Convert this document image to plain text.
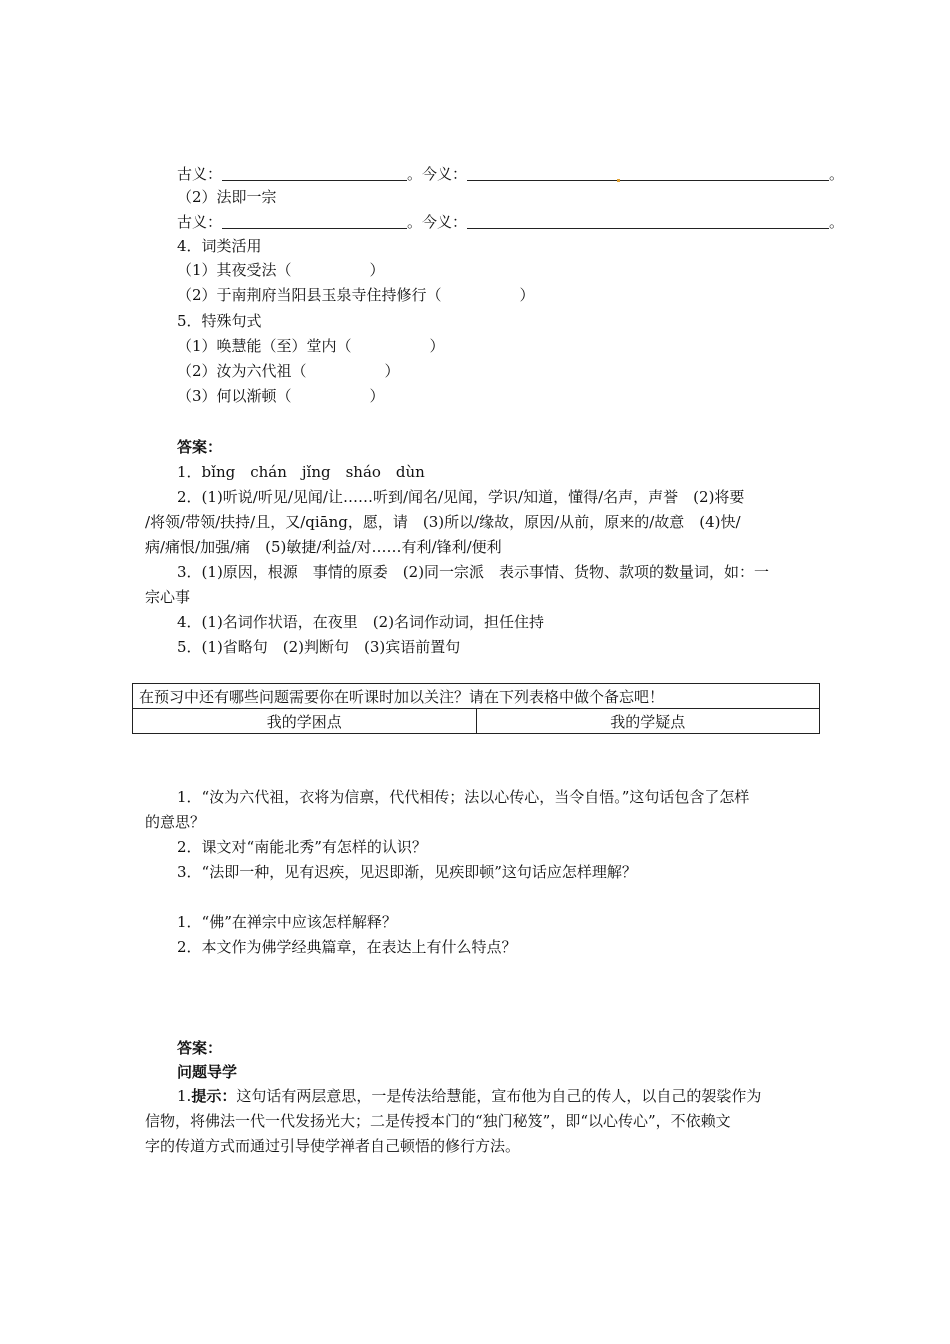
古义：	。今义：	。
（2）法即一宗
古义：	。今义：	。
4．词类活用
（1）其夜受法（	）
（2）于南荆府当阳县玉泉寺住持修行（	）
5．特殊句式
（1）唤慧能（至）堂内（	）
（2）汝为六代祖（	）
（3）何以渐顿（	）
答案：
1．bǐng　chán　jǐng　sháo　dùn
2．(1)听说/听见/见闻/让……听到/闻名/见闻，学识/知道，懂得/名声，声誉　(2)将要
/将领/带领/扶持/且，又/qiāng，愿，请　(3)所以/缘故，原因/从前，原来的/故意　(4)快/
病/痛恨/加强/痛　(5)敏捷/利益/对……有利/锋利/便利
3．(1)原因，根源　事情的原委　(2)同一宗派　表示事情、货物、款项的数量词，如：一
宗心事
4．(1)名词作状语，在夜里　(2)名词作动词，担任住持
5．(1)省略句　(2)判断句　(3)宾语前置句
在预习中还有哪些问题需要你在听课时加以关注？请在下列表格中做个备忘吧！
我的学困点	我的学疑点
1．“汝为六代祖，衣将为信禀，代代相传；法以心传心，当令自悟。”这句话包含了怎样
的意思？
2．课文对“南能北秀”有怎样的认识？
3．“法即一种，见有迟疾，见迟即渐，见疾即顿”这句话应怎样理解？
1．“佛”在禅宗中应该怎样解释？
2．本文作为佛学经典篇章，在表达上有什么特点？
答案：
问题导学
1.提示：这句话有两层意思，一是传法给慧能，宣布他为自己的传人，以自己的袈裟作为
信物，将佛法一代一代发扬光大；二是传授本门的“独门秘笈”，即“以心传心”，不依赖文
字的传道方式而通过引导使学禅者自己顿悟的修行方法。
